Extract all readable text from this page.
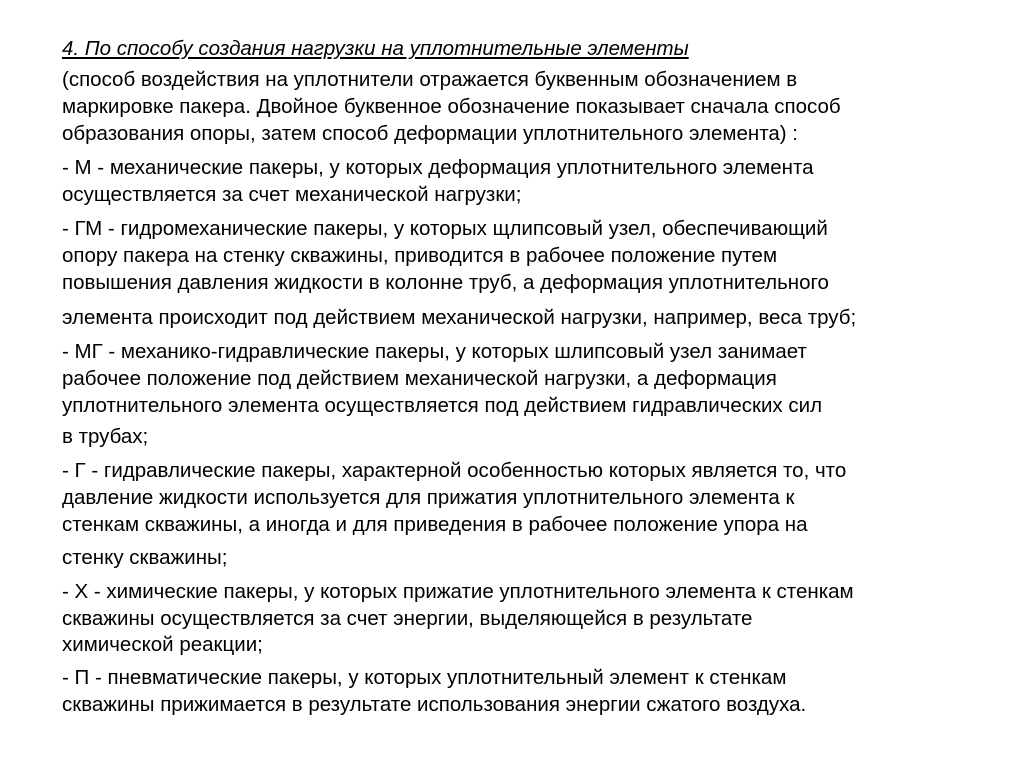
4. По способу создания нагрузки на уплотнительные элементы

(способ воздействия на уплотнители отражается буквенным обозначением в

маркировке пакера. Двойное буквенное обозначение показывает сначала способ

образования опоры, затем способ деформации уплотнительного элемента) :

- М - механические пакеры, у которых деформация уплотнительного элемента

осуществляется за счет механической нагрузки;

- ГМ - гидромеханические пакеры, у которых щлипсовый узел, обеспечивающий

опору пакера на стенку скважины, приводится в рабочее положение путем

повышения давления жидкости в колонне труб, а деформация уплотнительного

элемента происходит под действием механической нагрузки, например, веса труб;

- МГ - механико-гидравлические пакеры, у которых шлипсовый узел занимает

рабочее положение под действием механической нагрузки, а деформация

уплотнительного элемента осуществляется под действием гидравлических сил

в трубах;

- Г - гидравлические пакеры, характерной особенностью которых является то, что

давление жидкости используется для прижатия уплотнительного элемента к

стенкам скважины, а иногда и для приведения в рабочее положение упора на

стенку скважины;

- Х - химические пакеры, у которых прижатие уплотнительного элемента к стенкам

скважины осуществляется за счет энергии, выделяющейся в результате

химической реакции;

- П - пневматические пакеры, у которых уплотнительный элемент к стенкам

скважины прижимается в результате использования энергии сжатого воздуха.
